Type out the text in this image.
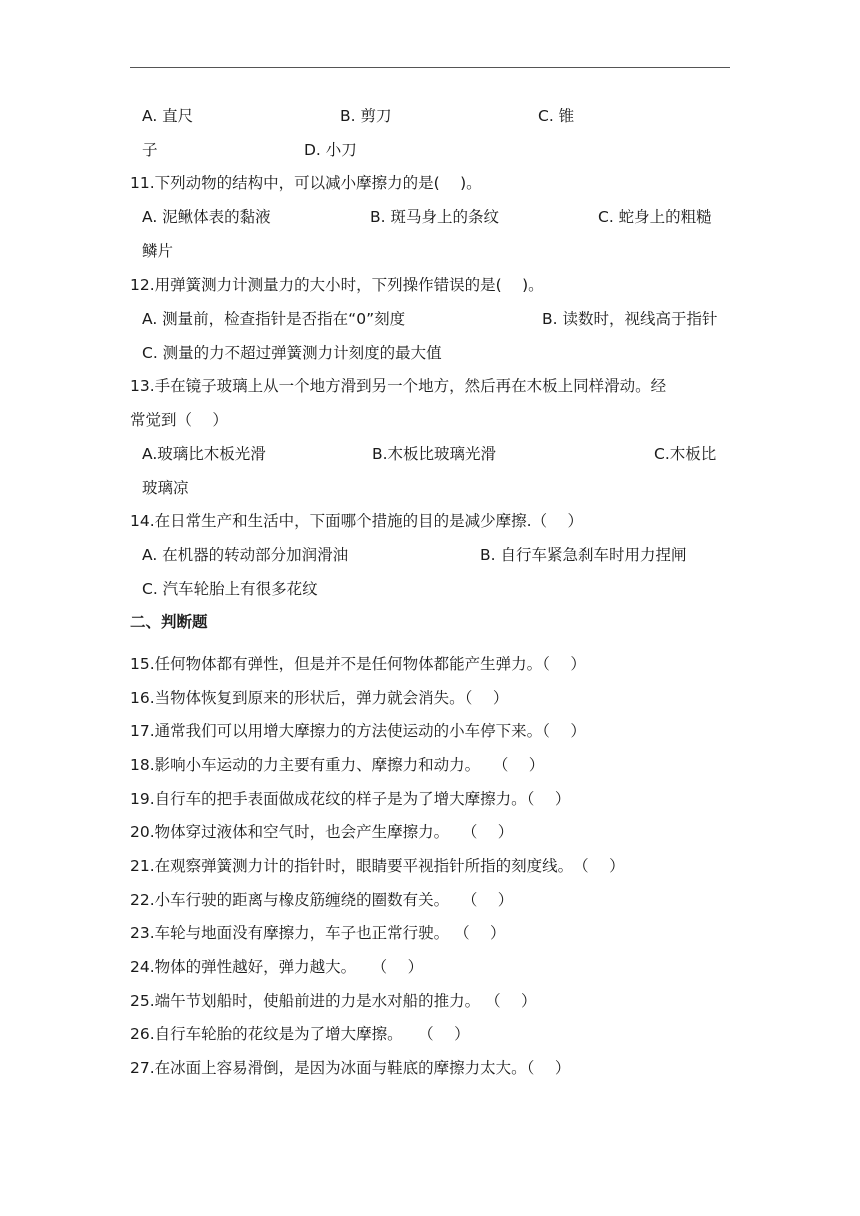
A. 直尺	B. 剪刀	C. 锥
子	D. 小刀
11.下列动物的结构中，可以减小摩擦力的是(　 )。
A. 泥鳅体表的黏液	B. 斑马身上的条纹	C. 蛇身上的粗糙
鳞片
12.用弹簧测力计测量力的大小时，下列操作错误的是(　 )。
A. 测量前，检查指针是否指在“0”刻度	B. 读数时，视线高于指针
C. 测量的力不超过弹簧测力计刻度的最大值
13.手在镜子玻璃上从一个地方滑到另一个地方，然后再在木板上同样滑动。经
常觉到（　 ）
A.玻璃比木板光滑	B.木板比玻璃光滑	C.木板比
玻璃凉
14.在日常生产和生活中，下面哪个措施的目的是减少摩擦.（　 ）
A. 在机器的转动部分加润滑油	B. 自行车紧急刹车时用力捏闸
C. 汽车轮胎上有很多花纹
二、判断题
15.任何物体都有弹性，但是并不是任何物体都能产生弹力。（　 ）
16.当物体恢复到原来的形状后，弹力就会消失。（　 ）
17.通常我们可以用增大摩擦力的方法使运动的小车停下来。（　 ）
18.影响小车运动的力主要有重力、摩擦力和动力。　 （　 ）
19.自行车的把手表面做成花纹的样子是为了增大摩擦力。（　 ）
20.物体穿过液体和空气时，也会产生摩擦力。　 （　 ）
21.在观察弹簧测力计的指针时，眼睛要平视指针所指的刻度线。　（　 ）
22.小车行驶的距离与橡皮筋缠绕的圈数有关。　 （　 ）
23.车轮与地面没有摩擦力，车子也正常行驶。 （　 ）
24.物体的弹性越好，弹力越大。　　（　 ）
25.端午节划船时，使船前进的力是水对船的推力。 （　 ）
26.自行车轮胎的花纹是为了增大摩擦。　　（　 ）
27.在冰面上容易滑倒，是因为冰面与鞋底的摩擦力太大。（　 ）
